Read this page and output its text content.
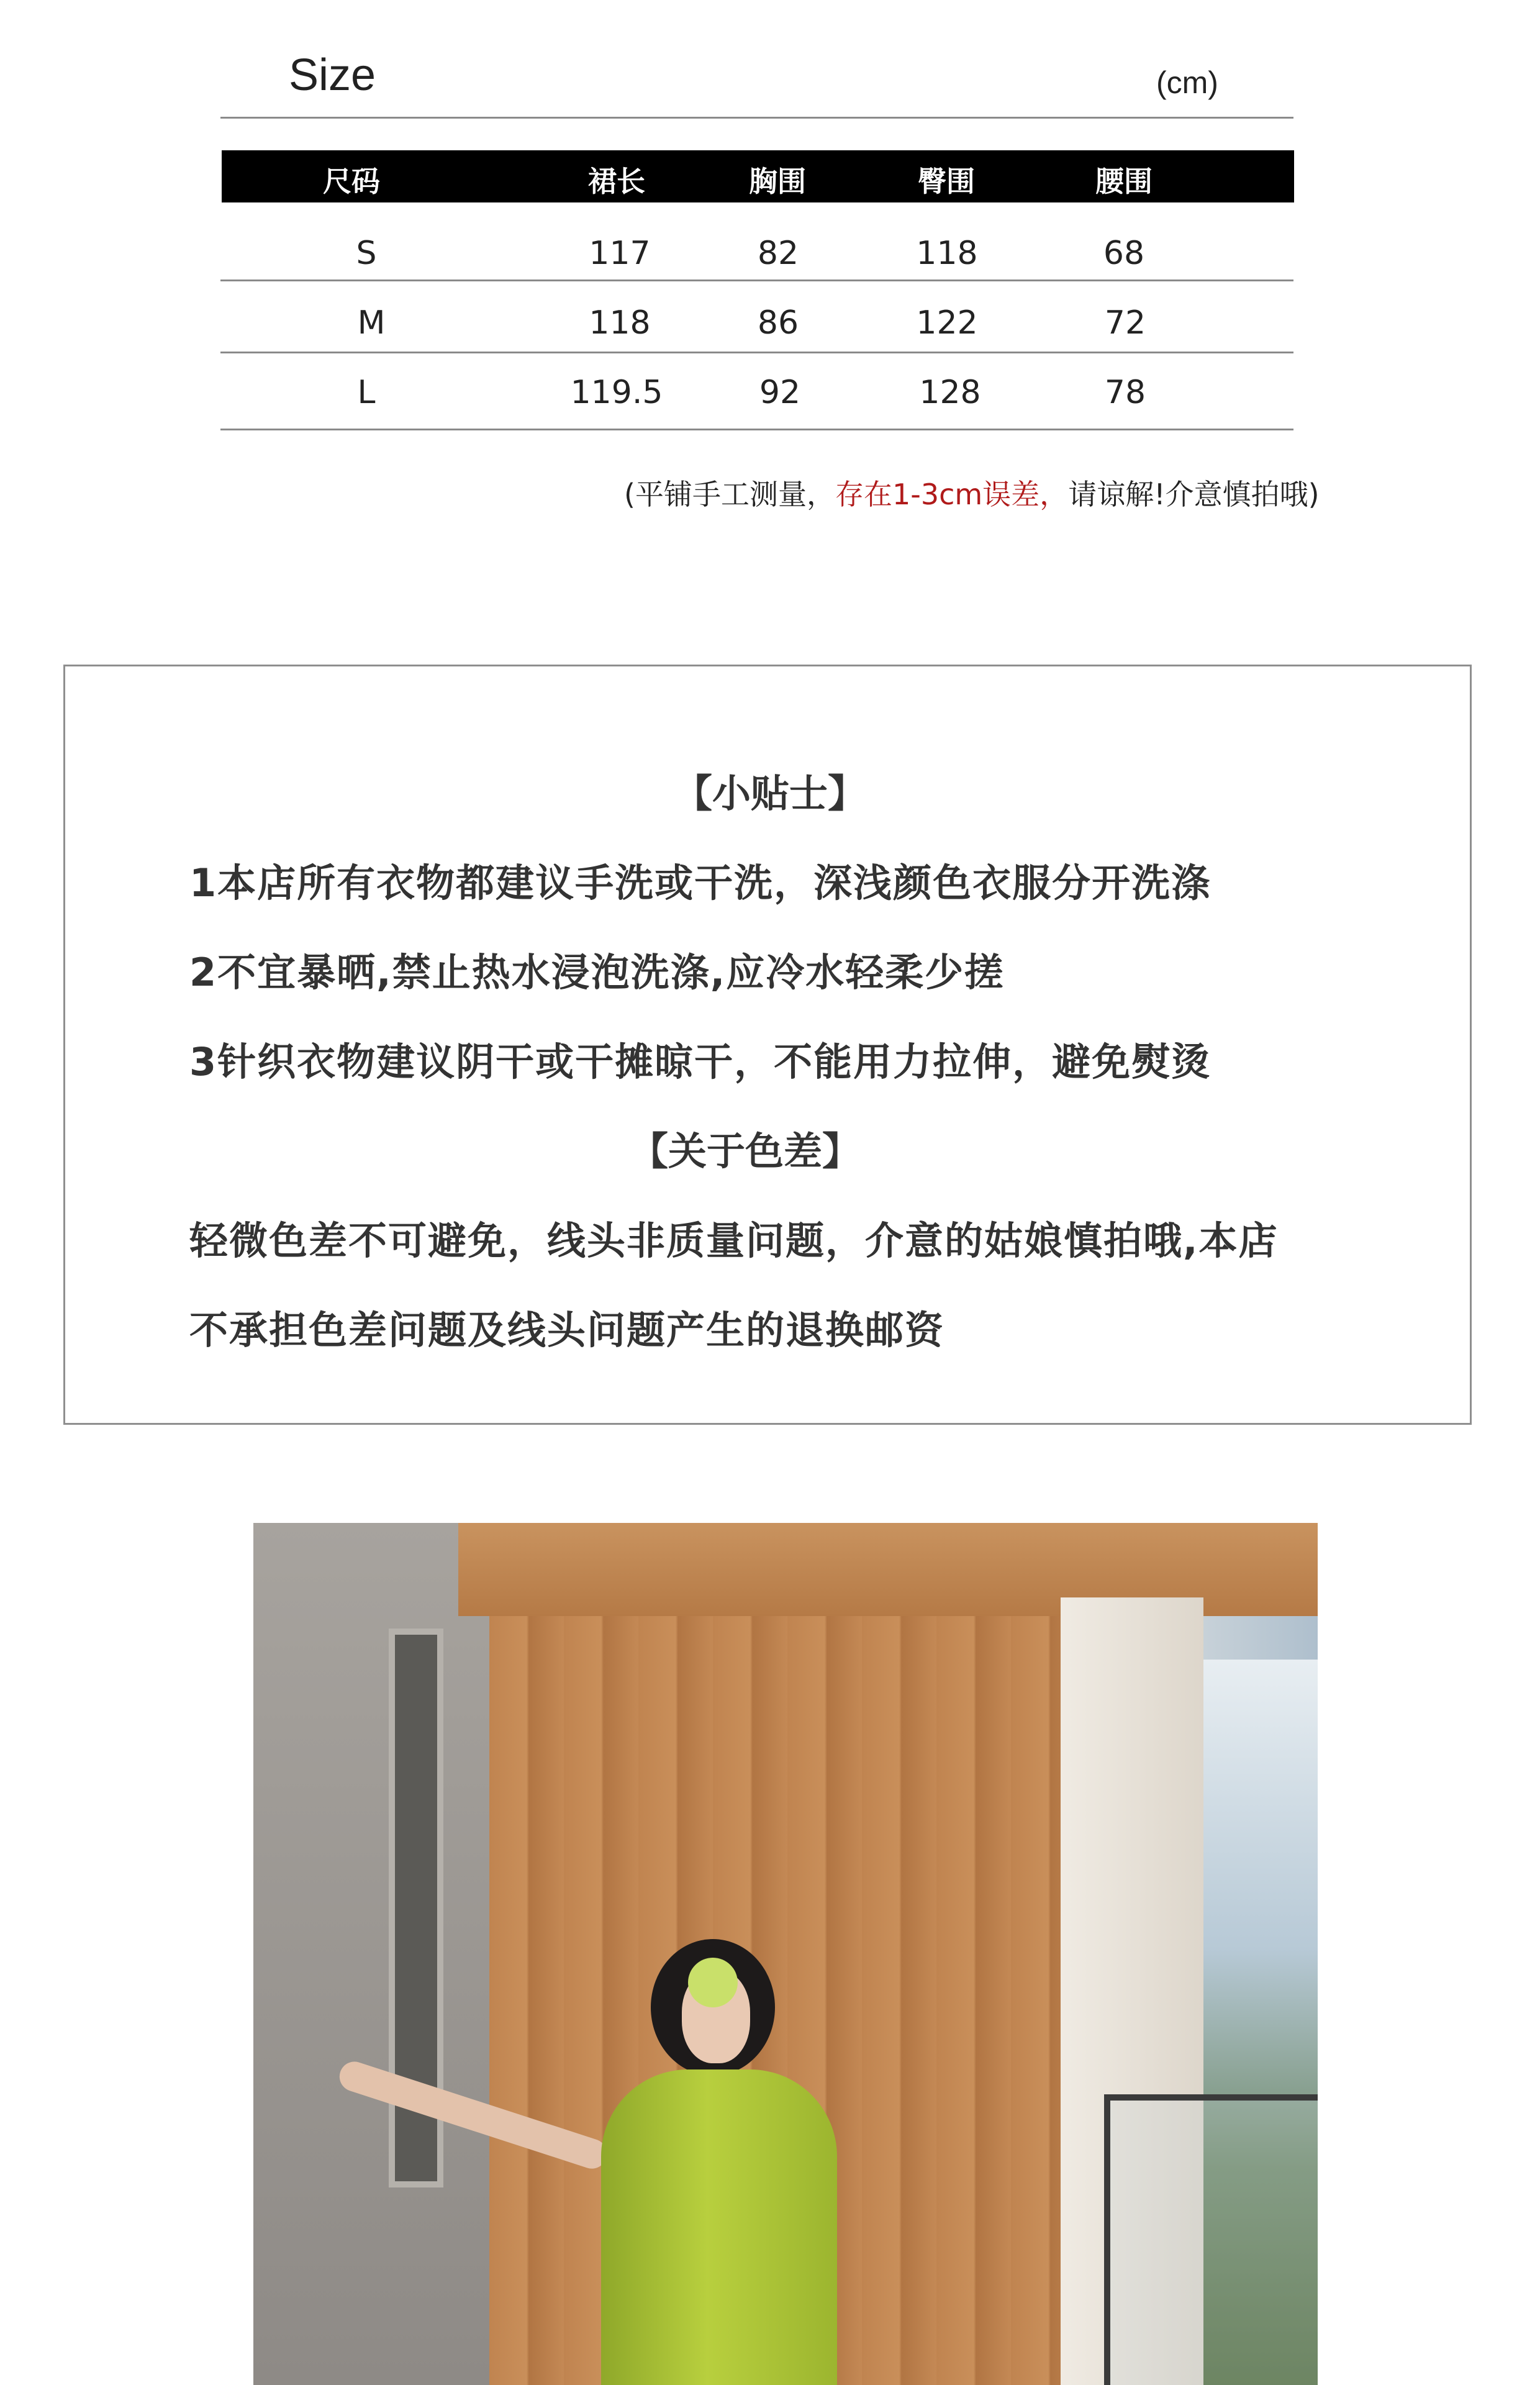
Size	(cm)
尺码	裙长	胸围	臀围	腰围
S	117	82	118	68
M	118	86	122	72
L	119.5	92	128	78
(平铺手工测量，存在1-3cm误差，请谅解!介意慎拍哦)
【小贴士】
1本店所有衣物都建议手洗或干洗，深浅颜色衣服分开洗涤
2不宜暴晒,禁止热水浸泡洗涤,应冷水轻柔少搓
3针织衣物建议阴干或干摊晾干，不能用力拉伸，避免熨烫
【关于色差】
轻微色差不可避免，线头非质量问题，介意的姑娘慎拍哦,本店
不承担色差问题及线头问题产生的退换邮资
